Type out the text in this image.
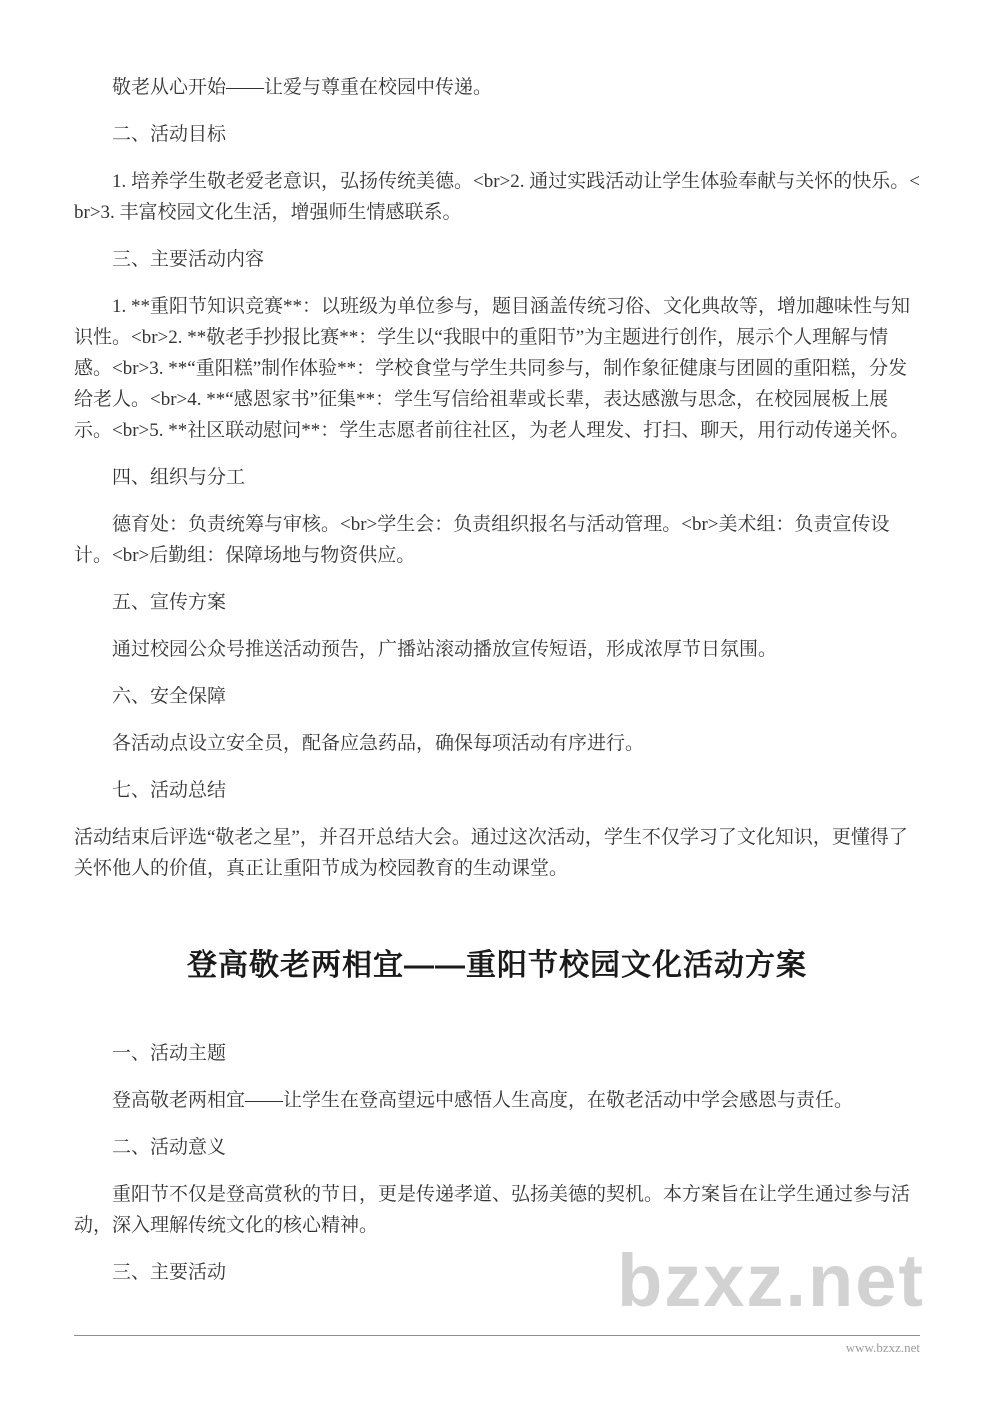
bzxz.net

敬老从心开始——让爱与尊重在校园中传递。

二、活动目标

1. 培养学生敬老爱老意识，弘扬传统美德。<br>2. 通过实践活动让学生体验奉献与关怀的快乐。<br>3. 丰富校园文化生活，增强师生情感联系。

三、主要活动内容

1. **重阳节知识竞赛**：以班级为单位参与，题目涵盖传统习俗、文化典故等，增加趣味性与知识性。<br>2. **敬老手抄报比赛**：学生以“我眼中的重阳节”为主题进行创作，展示个人理解与情感。<br>3. **“重阳糕”制作体验**：学校食堂与学生共同参与，制作象征健康与团圆的重阳糕，分发给老人。<br>4. **“感恩家书”征集**：学生写信给祖辈或长辈，表达感激与思念，在校园展板上展示。<br>5. **社区联动慰问**：学生志愿者前往社区，为老人理发、打扫、聊天，用行动传递关怀。

四、组织与分工

德育处：负责统筹与审核。<br>学生会：负责组织报名与活动管理。<br>美术组：负责宣传设计。<br>后勤组：保障场地与物资供应。

五、宣传方案

通过校园公众号推送活动预告，广播站滚动播放宣传短语，形成浓厚节日氛围。

六、安全保障

各活动点设立安全员，配备应急药品，确保每项活动有序进行。

七、活动总结

活动结束后评选“敬老之星”，并召开总结大会。通过这次活动，学生不仅学习了文化知识，更懂得了关怀他人的价值，真正让重阳节成为校园教育的生动课堂。

登高敬老两相宜——重阳节校园文化活动方案

一、活动主题

登高敬老两相宜——让学生在登高望远中感悟人生高度，在敬老活动中学会感恩与责任。

二、活动意义

重阳节不仅是登高赏秋的节日，更是传递孝道、弘扬美德的契机。本方案旨在让学生通过参与活动，深入理解传统文化的核心精神。

三、主要活动

www.bzxz.net
